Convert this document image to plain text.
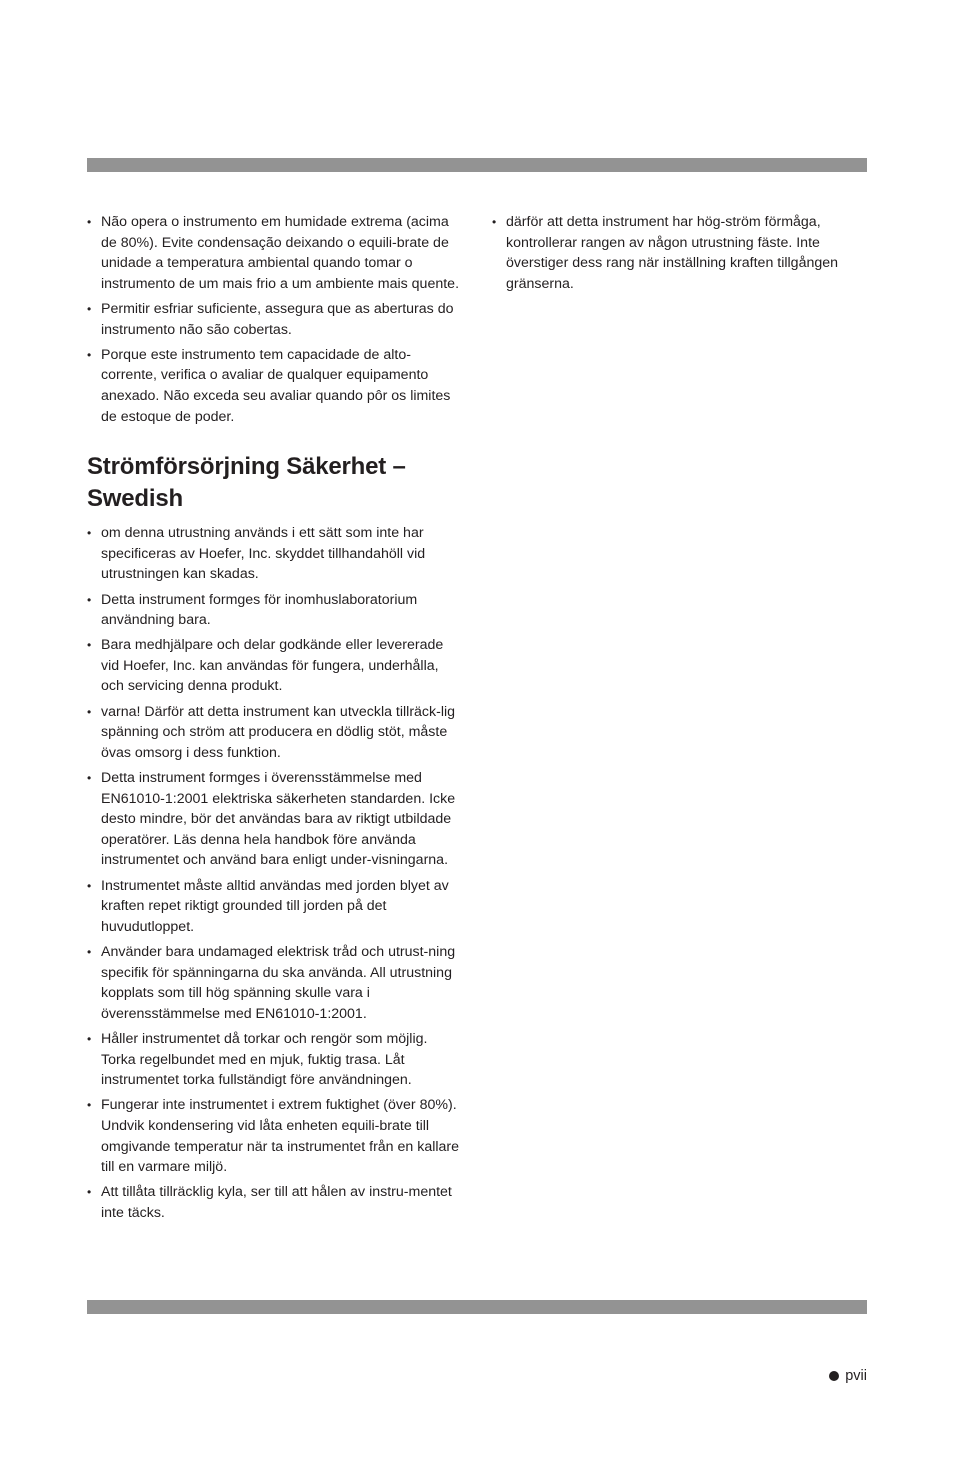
• Não opera o instrumento em humidade extrema (acima de 80%). Evite condensação deixando o equili-brate de unidade a temperatura ambiental quando tomar o instrumento de um mais frio a um ambiente mais quente.
• Permitir esfriar suficiente, assegura que as aberturas do instrumento não são cobertas.
• Porque este instrumento tem capacidade de alto-corrente, verifica o avaliar de qualquer equipamento anexado. Não exceda seu avaliar quando pôr os limites de estoque de poder.
Strömförsörjning Säkerhet –
Swedish
• om denna utrustning används i ett sätt som inte har specificeras av Hoefer, Inc. skyddet tillhandahöll vid utrustningen kan skadas.
• Detta instrument formges för inomhuslaboratorium användning bara.
• Bara medhjälpare och delar godkände eller levererade vid Hoefer, Inc. kan användas för fungera, underhålla, och servicing denna produkt.
• varna! Därför att detta instrument kan utveckla tillräck-lig spänning och ström att producera en dödlig stöt, måste övas omsorg i dess funktion.
• Detta instrument formges i överensstämmelse med EN61010-1:2001 elektriska säkerheten standarden. Icke desto mindre, bör det användas bara av riktigt utbildade operatörer. Läs denna hela handbok före använda instrumentet och använd bara enligt under-visningarna.
• Instrumentet måste alltid användas med jorden blyet av kraften repet riktigt grounded till jorden på det huvudutloppet.
• Använder bara undamaged elektrisk tråd och utrust-ning specifik för spänningarna du ska använda. All utrustning kopplats som till hög spänning skulle vara i överensstämmelse med EN61010-1:2001.
• Håller instrumentet då torkar och rengör som möjlig. Torka regelbundet med en mjuk, fuktig trasa. Låt instrumentet torka fullständigt före användningen.
• Fungerar inte instrumentet i extrem fuktighet (över 80%). Undvik kondensering vid låta enheten equili-brate till omgivande temperatur när ta instrumentet från en kallare till en varmare miljö.
• Att tillåta tillräcklig kyla, ser till att hålen av instru-mentet inte täcks.
• därför att detta instrument har hög-ström förmåga, kontrollerar rangen av någon utrustning fäste. Inte överstiger dess rang när inställning kraften tillgången gränserna.
pvii
